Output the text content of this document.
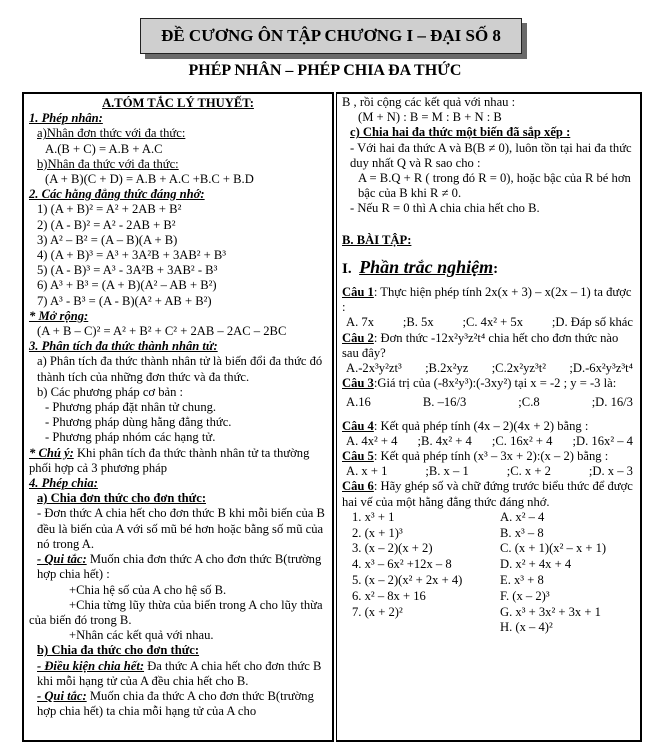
ĐỀ CƯƠNG ÔN TẬP CHƯƠNG I – ĐẠI SỐ 8
PHÉP NHÂN – PHÉP CHIA ĐA THỨC
A.TÓM TẮC LÝ THUYẾT:
1. Phép nhân:
a)Nhân đơn thức với đa thức:
A.(B + C) = A.B + A.C
b)Nhân đa thức với đa thức:
(A + B)(C + D) = A.B + A.C +B.C + B.D
2. Các hằng đẳng thức đáng nhớ:
1) (A + B)² = A² + 2AB + B²
2) (A - B)² = A² - 2AB + B²
3) A² – B² = (A – B)(A + B)
4) (A + B)³ = A³ + 3A²B + 3AB² + B³
5) (A - B)³ = A³ - 3A²B + 3AB² - B³
6) A³ + B³ = (A + B)(A² – AB + B²)
7) A³ - B³ = (A - B)(A² + AB + B²)
* Mở rộng:
(A + B – C)² = A² + B² + C² + 2AB – 2AC – 2BC
3. Phân tích đa thức thành nhân tử:
a) Phân tích đa thức thành nhân tử là biến đổi đa thức đó thành tích của những đơn thức và đa thức.
b) Các phương pháp cơ bản :
- Phương pháp đặt nhân tử chung.
- Phương pháp dùng hằng đẳng thức.
- Phương pháp nhóm các hạng tử.
* Chú ý: Khi phân tích đa thức thành nhân tử ta thường phối hợp cả 3 phương pháp
4. Phép chia:
a) Chia đơn thức cho đơn thức:
- Đơn thức A chia hết cho đơn thức B khi mỗi biến của B đều là biến của A với số mũ bé hơn hoặc bằng số mũ của nó trong A.
- Qui tắc: Muốn chia đơn thức A cho đơn thức B(trường hợp chia hết) :
+Chia hệ số của A cho hệ số B.
+Chia từng lũy thừa của biến trong A cho lũy thừa của biến đó trong B.
+Nhân các kết quả với nhau.
b) Chia đa thức cho đơn thức:
- Điều kiện chia hết: Đa thức A chia hết cho đơn thức B khi mỗi hạng tử của A đều chia hết cho B.
- Qui tắc: Muốn chia đa thức A cho đơn thức B(trường hợp chia hết) ta chia mỗi hạng tử của A cho
B , rồi cộng các kết quả với nhau :
(M + N) : B = M : B + N : B
c) Chia hai đa thức một biến đã sắp xếp :
- Với hai đa thức A và B(B ≠ 0), luôn tồn tại hai đa thức duy nhất Q và R sao cho :
A = B.Q + R ( trong đó R = 0), hoặc bậc của R bé hơn bậc của B khi R ≠ 0.
- Nếu R = 0 thì A chia chia hết cho B.
B. BÀI TẬP:
I. Phần trắc nghiệm:
Câu 1: Thực hiện phép tính 2x(x + 3) – x(2x – 1) ta được :
A. 7x ;B. 5x ;C. 4x² + 5x ;D. Đáp số khác
Câu 2: Đơn thức -12x²y³z²t⁴ chia hết cho đơn thức nào sau đây?
A.-2x³y²zt³ ;B.2x²yz ;C.2x²yz³t² ;D.-6x²y³z³t⁴
Câu 3:Giá trị của (-8x²y³):(-3xy²) tại x = -2 ; y = -3 là:
A.16	B. –16/3	;C.8	;D. 16/3
Câu 4: Kết quả phép tính (4x – 2)(4x + 2) bằng :
A. 4x² + 4 ;B. 4x² + 4 ;C. 16x² + 4 ;D. 16x² – 4
Câu 5: Kết quả phép tính (x³ – 3x + 2):(x – 2) bằng :
A. x + 1	;B. x – 1	;C. x + 2	;D. x – 3
Câu 6: Hãy ghép số và chữ đứng trước biểu thức để được hai vế của một hằng đẳng thức đáng nhớ.
1. x³ + 1	A. x² – 4
2. (x + 1)³	B. x³ – 8
3. (x – 2)(x + 2)	C. (x + 1)(x² – x + 1)
4. x³ – 6x² +12x – 8	D. x² + 4x + 4
5. (x – 2)(x² + 2x + 4)	E. x³ + 8
6. x² – 8x + 16	F. (x – 2)³
7. (x + 2)²	G. x³ + 3x² + 3x + 1
H. (x – 4)²
